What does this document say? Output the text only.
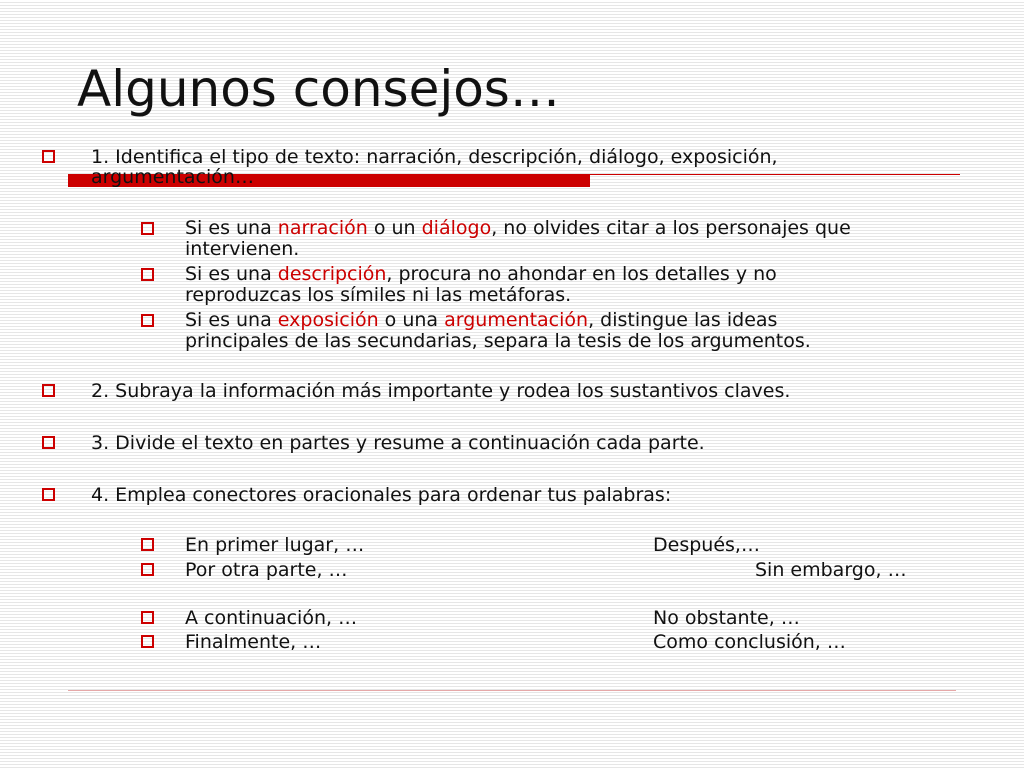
Algunos consejos…
1. Identifica el tipo de texto: narración, descripción, diálogo, exposición,
argumentación…
Si es una narración o un diálogo, no olvides citar a los personajes que
intervienen.
Si es una descripción, procura no ahondar en los detalles y no
reproduzcas los símiles ni las metáforas.
Si es una exposición o una argumentación, distingue las ideas
principales de las secundarias, separa la tesis de los argumentos.
2. Subraya la información más importante y rodea los sustantivos claves.
3. Divide el texto en partes y resume a continuación cada parte.
4. Emplea conectores oracionales para ordenar tus palabras:
En primer lugar, …	Después,…
Por otra parte, …	Sin embargo, …
A continuación, …	No obstante, …
Finalmente, …	Como conclusión, …
